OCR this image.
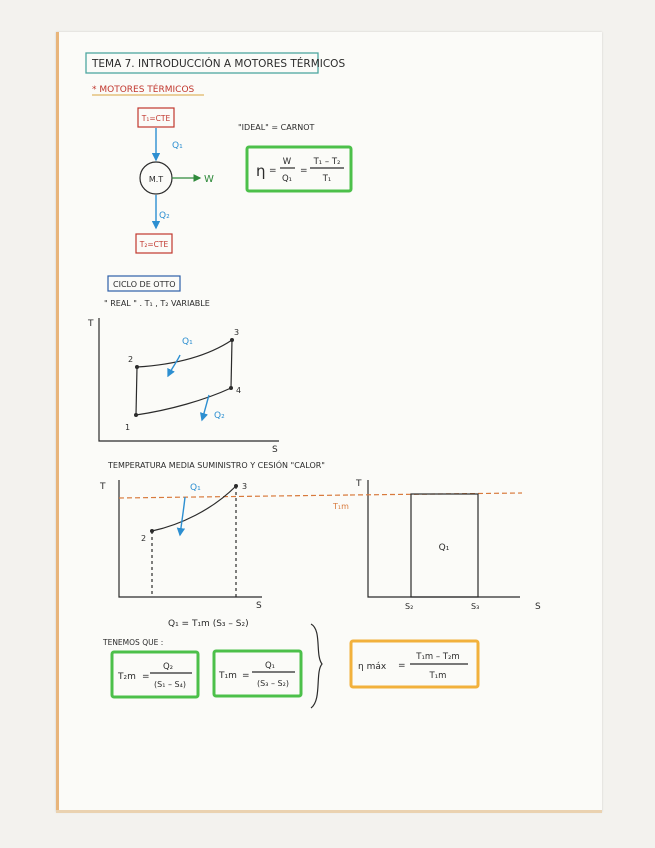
TEMA 7. INTRODUCCIÓN A MOTORES TÉRMICOS
* MOTORES TÉRMICOS
T₁=CTE
Q₁
M.T	W
Q₂
T₂=CTE
"IDEAL" = CARNOT
η =
W
Q₁
=
T₁ – T₂
T₁
CICLO DE OTTO
" REAL " . T₁ , T₂ VARIABLE
T
S
1
2
3
4
Q₁
Q₂
TEMPERATURA MEDIA SUMINISTRO Y CESIÓN "CALOR"
T
S
2
3
Q₁	T
T₁m
Q₁
S₂	S₃	S
Q₁ = T₁m (S₃ – S₂)
TENEMOS QUE :
T₂m =
Q₂
(S₁ – S₄)
T₁m =
Q₁
(S₃ – S₂)
η máx =
T₁m – T₂m
T₁m
